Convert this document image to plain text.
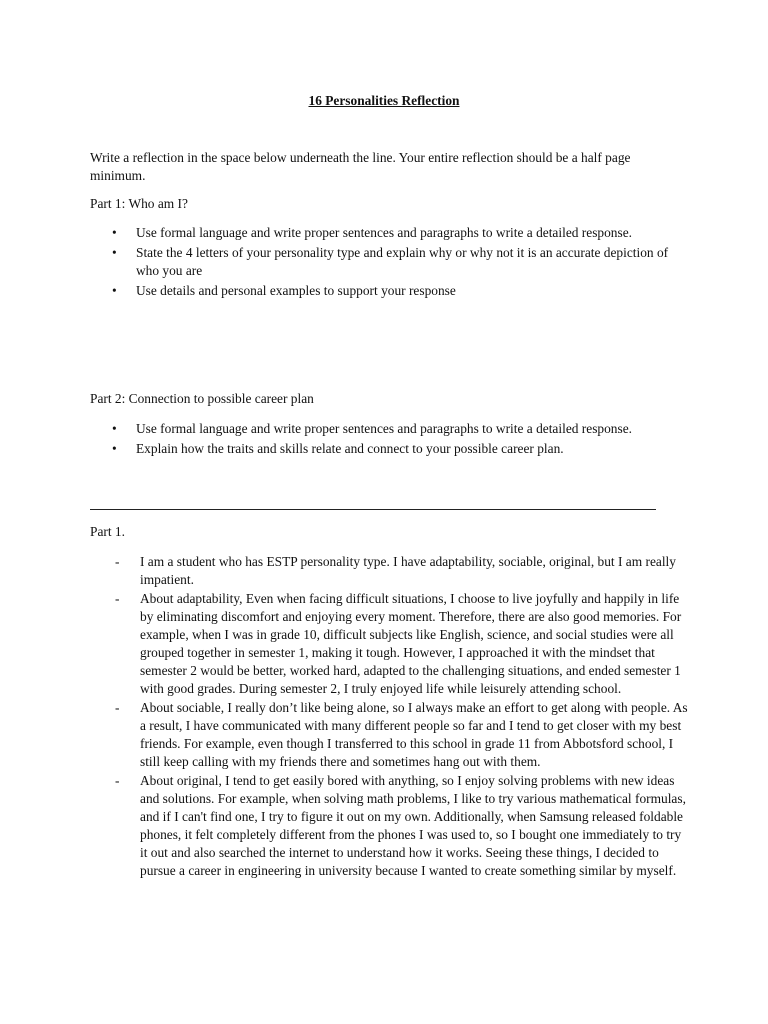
16 Personalities Reflection
Write a reflection in the space below underneath the line. Your entire reflection should be a half page minimum.
Part 1: Who am I?
• Use formal language and write proper sentences and paragraphs to write a detailed response.
• State the 4 letters of your personality type and explain why or why not it is an accurate depiction of who you are
• Use details and personal examples to support your response
Part 2: Connection to possible career plan
• Use formal language and write proper sentences and paragraphs to write a detailed response.
• Explain how the traits and skills relate and connect to your possible career plan.
Part 1.
- I am a student who has ESTP personality type. I have adaptability, sociable, original, but I am really impatient.
- About adaptability, Even when facing difficult situations, I choose to live joyfully and happily in life by eliminating discomfort and enjoying every moment. Therefore, there are also good memories. For example, when I was in grade 10, difficult subjects like English, science, and social studies were all grouped together in semester 1, making it tough. However, I approached it with the mindset that semester 2 would be better, worked hard, adapted to the challenging situations, and ended semester 1 with good grades. During semester 2, I truly enjoyed life while leisurely attending school.
- About sociable, I really don’t like being alone, so I always make an effort to get along with people. As a result, I have communicated with many different people so far and I tend to get closer with my best friends. For example, even though I transferred to this school in grade 11 from Abbotsford school, I still keep calling with my friends there and sometimes hang out with them.
- About original, I tend to get easily bored with anything, so I enjoy solving problems with new ideas and solutions. For example, when solving math problems, I like to try various mathematical formulas, and if I can't find one, I try to figure it out on my own. Additionally, when Samsung released foldable phones, it felt completely different from the phones I was used to, so I bought one immediately to try it out and also searched the internet to understand how it works. Seeing these things, I decided to pursue a career in engineering in university because I wanted to create something similar by myself.
